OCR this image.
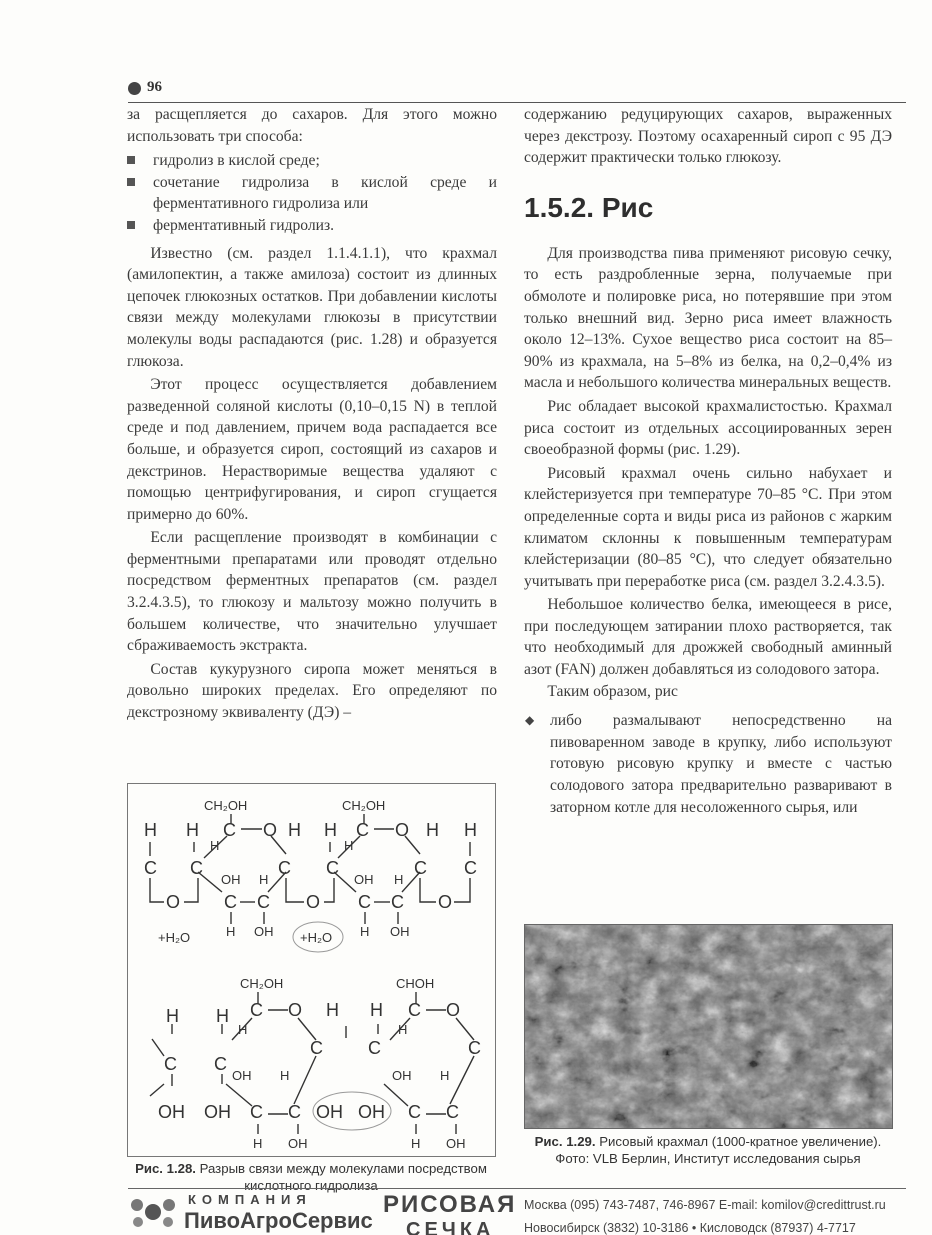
96

за расщепляется до сахаров. Для этого можно использовать три способа:

гидролиз в кислой среде;
сочетание гидролиза в кислой среде и ферментативного гидролиза или
ферментативный гидролиз.

Известно (см. раздел 1.1.4.1.1), что крахмал (амилопектин, а также амилоза) состоит из длинных цепочек глюкозных остатков. При добавлении кислоты связи между молекулами глюкозы в присутствии молекулы воды распадаются (рис. 1.28) и образуется глюкоза.

Этот процесс осуществляется добавлением разведенной соляной кислоты (0,10–0,15 N) в теплой среде и под давлением, причем вода распадается все больше, и образуется сироп, состоящий из сахаров и декстринов. Нерастворимые вещества удаляют с помощью центрифугирования, и сироп сгущается примерно до 60%.

Если расщепление производят в комбинации с ферментными препаратами или проводят отдельно посредством ферментных препаратов (см. раздел 3.2.4.3.5), то глюкозу и мальтозу можно получить в большем количестве, что значительно улучшает сбраживаемость экстракта.

Состав кукурузного сиропа может меняться в довольно широких пределах. Его определяют по декстрозному эквиваленту (ДЭ) –

CH₂OH	CH₂OH
H H C O H H C O H H
H	H
C C	C C	C C
OH H	OH H
O C C O C C O
+H₂O	H OH +H₂O H OH
CH₂OH	CHOH
H H C O H H C O
H	H
C C
C	C	C
OH H	OH H
OH OH C C OH OH C C
H OH	H OH
Рис. 1.28. Разрыв связи между молекулами посредством кислотного гидролиза

содержанию редуцирующих сахаров, выраженных через декстрозу. Поэтому осахаренный сироп с 95 ДЭ содержит практически только глюкозу.

1.5.2. Рис

Для производства пива применяют рисовую сечку, то есть раздробленные зерна, получаемые при обмолоте и полировке риса, но потерявшие при этом только внешний вид. Зерно риса имеет влажность около 12–13%. Сухое вещество риса состоит на 85–90% из крахмала, на 5–8% из белка, на 0,2–0,4% из масла и небольшого количества минеральных веществ.

Рис обладает высокой крахмалистостью. Крахмал риса состоит из отдельных ассоциированных зерен своеобразной формы (рис. 1.29).

Рисовый крахмал очень сильно набухает и клейстеризуется при температуре 70–85 °С. При этом определенные сорта и виды риса из районов с жарким климатом склонны к повышенным температурам клейстеризации (80–85 °С), что следует обязательно учитывать при переработке риса (см. раздел 3.2.4.3.5).

Небольшое количество белка, имеющееся в рисе, при последующем затирании плохо растворяется, так что необходимый для дрожжей свободный аминный азот (FAN) должен добавляться из солодового затора.

Таким образом, рис

◆ либо размалывают непосредственно на пивоваренном заводе в крупку, либо используют готовую рисовую крупку и вместе с частью солодового затора предварительно разваривают в заторном котле для несоложенного сырья, или
Рис. 1.29. Рисовый крахмал (1000-кратное увеличение). Фото: VLB Берлин, Институт исследования сырья
КОМПАНИЯ
ПивоАгроСервис
РИСОВАЯ
СЕЧКА
Москва (095) 743-7487, 746-8967 E-mail: komilov@credittrust.ru
Новосибирск (3832) 10-3186 • Кисловодск (87937) 4-7717
